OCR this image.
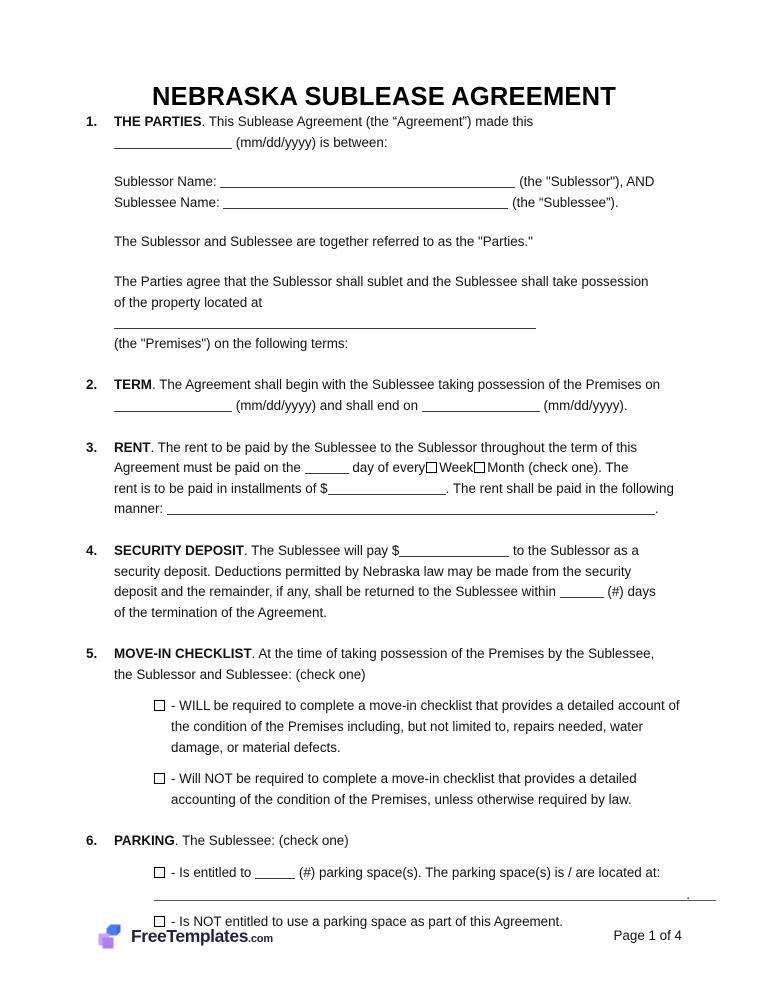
NEBRASKA SUBLEASE AGREEMENT
1.	THE PARTIES. This Sublease Agreement (the “Agreement”) made this

(mm/dd/yyyy) is between:

Sublessor Name:	(the "Sublessor"), AND

Sublessee Name:	(the “Sublessee”).

The Sublessor and Sublessee are together referred to as the "Parties."

The Parties agree that the Sublessor shall sublet and the Sublessee shall take possession

of the property located at

(the "Premises") on the following terms:

2.	TERM. The Agreement shall begin with the Sublessee taking possession of the Premises on

(mm/dd/yyyy) and shall end on	(mm/dd/yyyy).

3.	RENT. The rent to be paid by the Sublessee to the Sublessor throughout the term of this

Agreement must be paid on the	day of every Week Month (check one). The

rent is to be paid in installments of $	. The rent shall be paid in the following

manner:	.

4.	SECURITY DEPOSIT. The Sublessee will pay $	to the Sublessor as a

security deposit. Deductions permitted by Nebraska law may be made from the security

deposit and the remainder, if any, shall be returned to the Sublessee within	(#) days

of the termination of the Agreement.

5.	MOVE-IN CHECKLIST. At the time of taking possession of the Premises by the Sublessee,

the Sublessor and Sublessee: (check one)

- WILL be required to complete a move-in checklist that provides a detailed account of the condition of the Premises including, but not limited to, repairs needed, water damage, or material defects.
- Will NOT be required to complete a move-in checklist that provides a detailed accounting of the condition of the Premises, unless otherwise required by law.
6.	PARKING. The Sublessee: (check one)

- Is entitled to	(#) parking space(s). The parking space(s) is / are located at:
.
- Is NOT entitled to use a parking space as part of this Agreement.
FreeTemplates.com	Page 1 of 4
